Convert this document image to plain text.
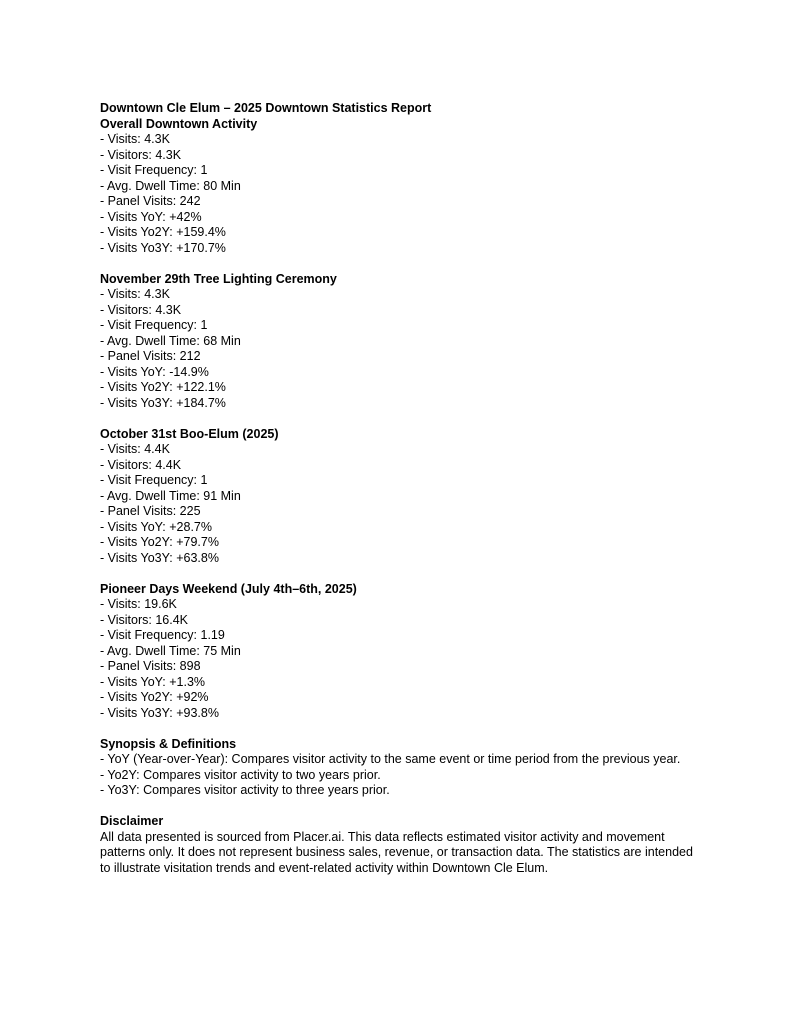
Downtown Cle Elum – 2025 Downtown Statistics Report

Overall Downtown Activity

- Visits: 4.3K

- Visitors: 4.3K

- Visit Frequency: 1

- Avg. Dwell Time: 80 Min

- Panel Visits: 242

- Visits YoY: +42%

- Visits Yo2Y: +159.4%

- Visits Yo3Y: +170.7%

November 29th Tree Lighting Ceremony

- Visits: 4.3K

- Visitors: 4.3K

- Visit Frequency: 1

- Avg. Dwell Time: 68 Min

- Panel Visits: 212

- Visits YoY: -14.9%

- Visits Yo2Y: +122.1%

- Visits Yo3Y: +184.7%

October 31st Boo-Elum (2025)

- Visits: 4.4K

- Visitors: 4.4K

- Visit Frequency: 1

- Avg. Dwell Time: 91 Min

- Panel Visits: 225

- Visits YoY: +28.7%

- Visits Yo2Y: +79.7%

- Visits Yo3Y: +63.8%

Pioneer Days Weekend (July 4th–6th, 2025)

- Visits: 19.6K

- Visitors: 16.4K

- Visit Frequency: 1.19

- Avg. Dwell Time: 75 Min

- Panel Visits: 898

- Visits YoY: +1.3%

- Visits Yo2Y: +92%

- Visits Yo3Y: +93.8%

Synopsis & Definitions

- YoY (Year-over-Year): Compares visitor activity to the same event or time period from the previous year.

- Yo2Y: Compares visitor activity to two years prior.

- Yo3Y: Compares visitor activity to three years prior.

Disclaimer

All data presented is sourced from Placer.ai. This data reflects estimated visitor activity and movement patterns only. It does not represent business sales, revenue, or transaction data. The statistics are intended to illustrate visitation trends and event-related activity within Downtown Cle Elum.
